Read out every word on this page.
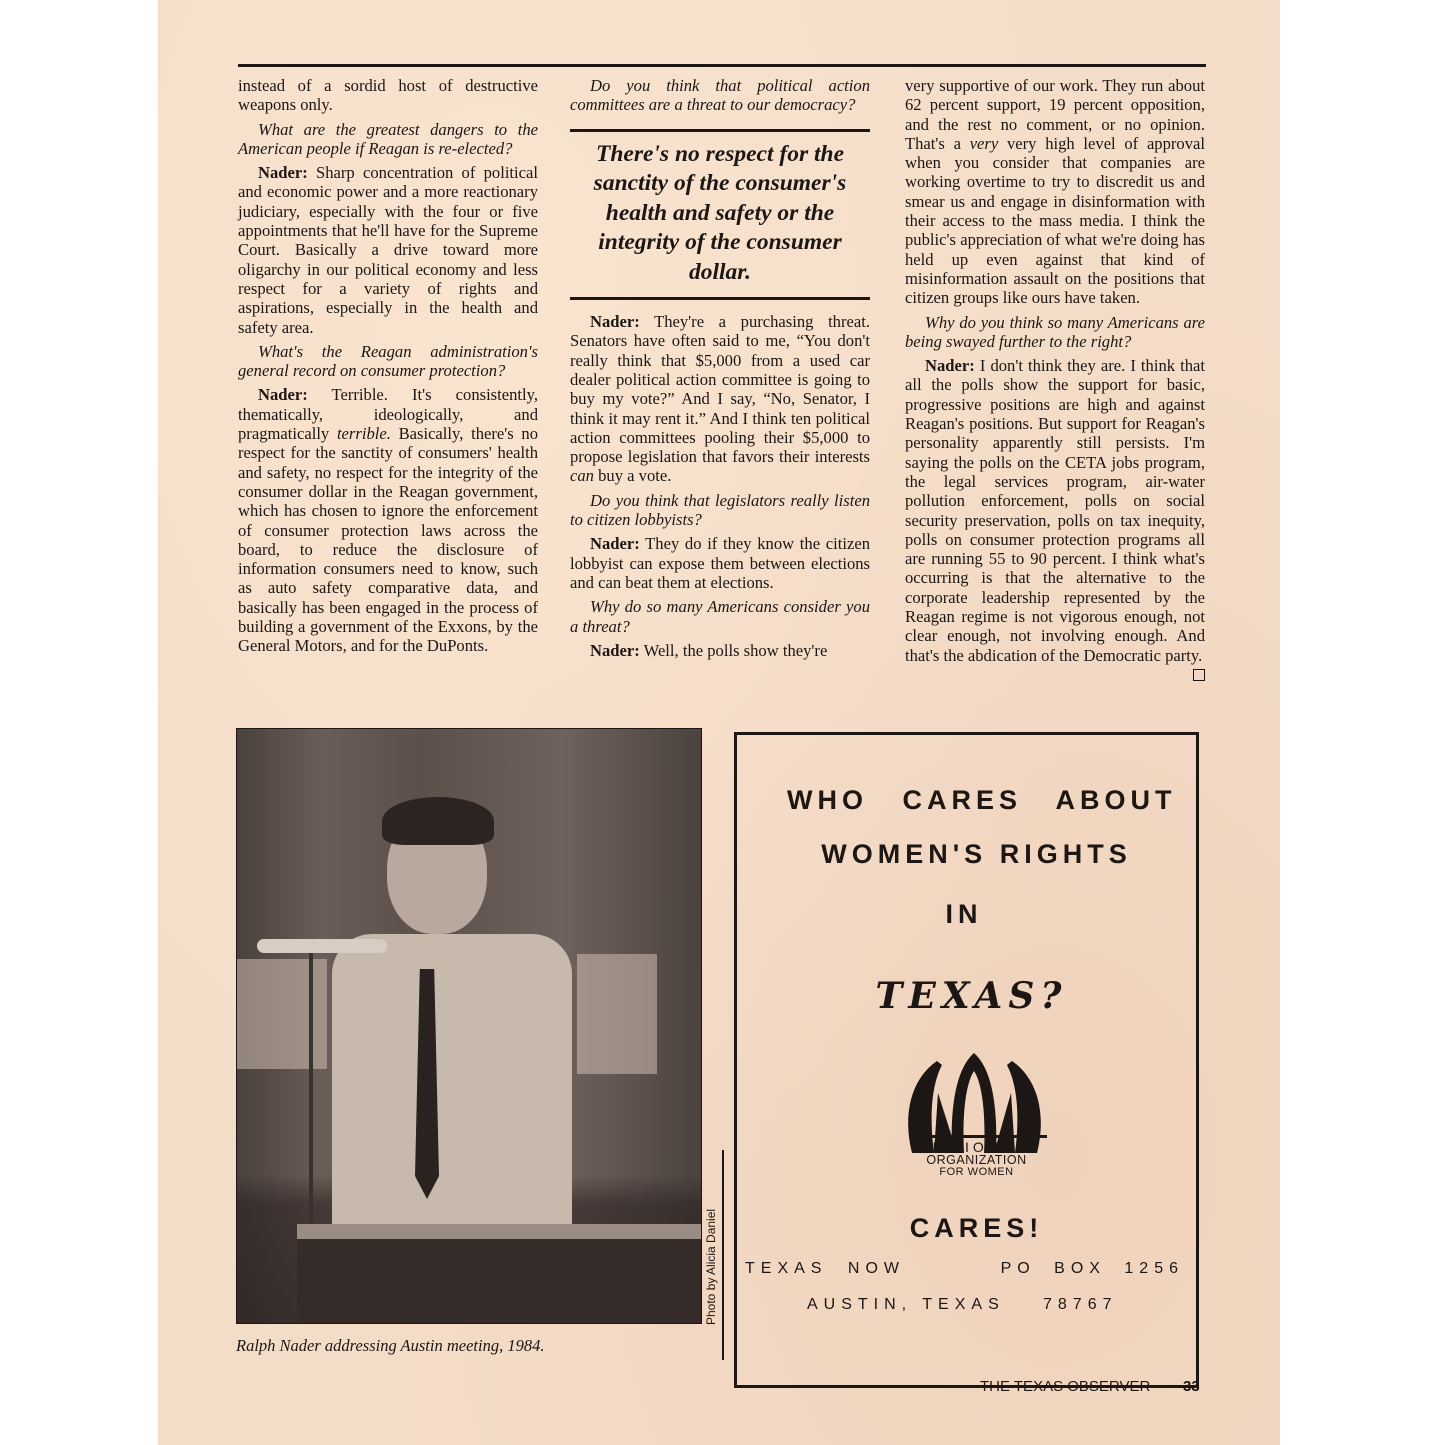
instead of a sordid host of destructive weapons only.

What are the greatest dangers to the American people if Reagan is re-elected?

Nader: Sharp concentration of political and economic power and a more reactionary judiciary, especially with the four or five appointments that he'll have for the Supreme Court. Basically a drive toward more oligarchy in our political economy and less respect for a variety of rights and aspirations, especially in the health and safety area.

What's the Reagan administration's general record on consumer protection?

Nader: Terrible. It's consistently, thematically, ideologically, and pragmatically terrible. Basically, there's no respect for the sanctity of consumers' health and safety, no respect for the integrity of the consumer dollar in the Reagan government, which has chosen to ignore the enforcement of consumer protection laws across the board, to reduce the disclosure of information consumers need to know, such as auto safety comparative data, and basically has been engaged in the process of building a government of the Exxons, by the General Motors, and for the DuPonts.

Do you think that political action committees are a threat to our democracy?

There's no respect for the sanctity of the consumer's health and safety or the integrity of the consumer dollar.

Nader: They're a purchasing threat. Senators have often said to me, “You don't really think that $5,000 from a used car dealer political action committee is going to buy my vote?” And I say, “No, Senator, I think it may rent it.” And I think ten political action committees pooling their $5,000 to propose legislation that favors their interests can buy a vote.

Do you think that legislators really listen to citizen lobbyists?

Nader: They do if they know the citizen lobbyist can expose them between elections and can beat them at elections.

Why do so many Americans consider you a threat?

Nader: Well, the polls show they're

very supportive of our work. They run about 62 percent support, 19 percent opposition, and the rest no comment, or no opinion. That's a very very high level of approval when you consider that companies are working overtime to try to discredit us and smear us and engage in disinformation with their access to the mass media. I think the public's appreciation of what we're doing has held up even against that kind of misinformation assault on the positions that citizen groups like ours have taken.

Why do you think so many Americans are being swayed further to the right?

Nader: I don't think they are. I think that all the polls show the support for basic, progressive positions are high and against Reagan's positions. But support for Reagan's personality apparently still persists. I'm saying the polls on the CETA jobs program, the legal services program, air-water pollution enforcement, polls on social security preservation, polls on tax inequity, polls on consumer protection programs all are running 55 to 90 percent. I think what's occurring is that the alternative to the corporate leadership represented by the Reagan regime is not vigorous enough, not clear enough, not involving enough. And that's the abdication of the Democratic party.

Photo by Alicia Daniel
Ralph Nader addressing Austin meeting, 1984.
WHO CARES ABOUT
WOMEN'S RIGHTS
IN
TEXAS?
NATIONAL
ORGANIZATION
FOR WOMEN
CARES!
TEXAS NOW	PO BOX 1256
AUSTIN, TEXAS 78767
THE TEXAS OBSERVER 33
